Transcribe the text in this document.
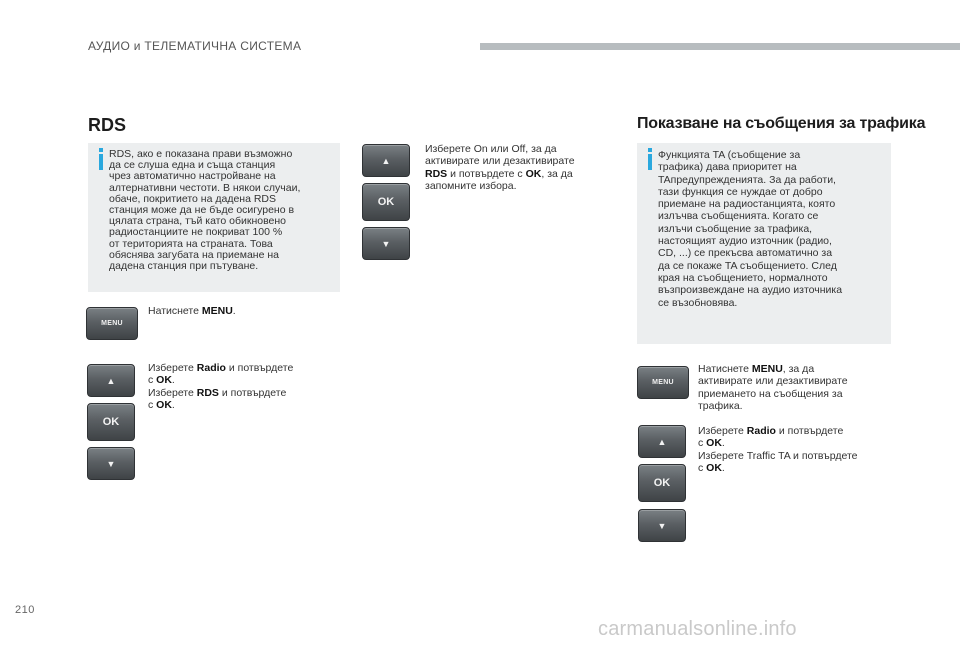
АУДИО и ТЕЛЕМАТИЧНА СИСТЕМА
RDS
RDS, ако е показана прави възможно
да се слуша една и съща станция
чрез автоматично настройване на
алтернативни честоти. В някои случаи,
обаче, покритието на дадена RDS
станция може да не бъде осигурено в
цялата страна, тъй като обикновено
радиостанциите не покриват 100 %
от територията на страната. Това
обяснява загубата на приемане на
дадена станция при пътуване.
MENU
Натиснете MENU.
▲
OK
▼
Изберете Radio и потвърдете
с OK.
Изберете RDS и потвърдете
с OK.
▲
OK
▼
Изберете On или Off, за да
активирате или дезактивирате
RDS и потвърдете с OK, за да
запомните избора.
Показване на съобщения за трафика
Функцията TA (съобщение за
трафика) дава приоритет на
TAпредупрежденията. За да работи,
тази функция се нуждае от добро
приемане на радиостанцията, която
излъчва съобщенията. Когато се
излъчи съобщение за трафика,
настоящият аудио източник (радио,
CD, ...) се прекъсва автоматично за
да се покаже TA съобщението. След
края на съобщението, нормалното
възпроизвеждане на аудио източника
се възобновява.
MENU
Натиснете MENU, за да
активирате или дезактивирате
приемането на съобщения за
трафика.
▲
OK
▼
Изберете Radio и потвърдете
с OK.
Изберете Traffic TA и потвърдете
с OK.
210
carmanualsonline.info
